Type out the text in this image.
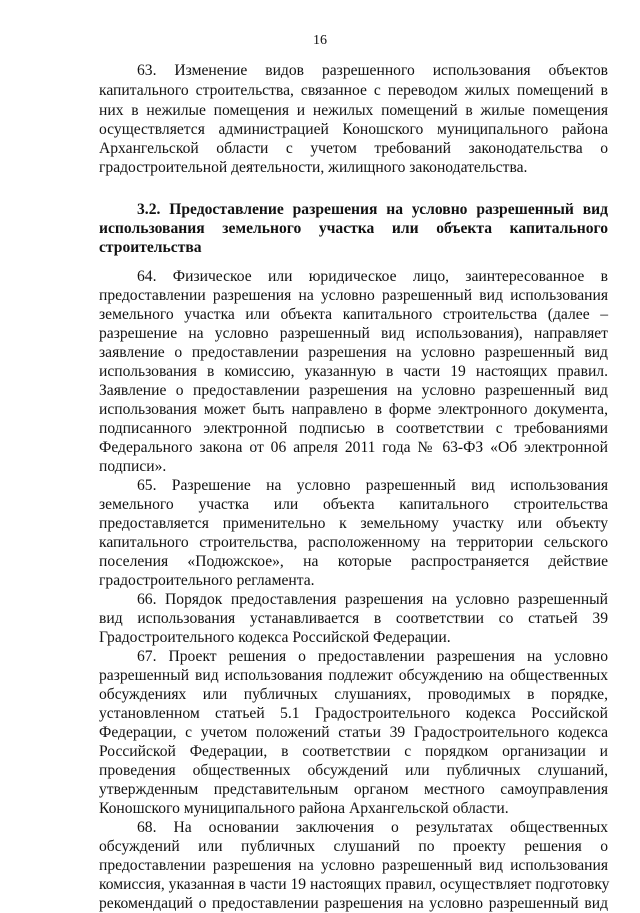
16
63. Изменение видов разрешенного использования объектов
капитального строительства, связанное с переводом жилых помещений в
них в нежилые помещения и нежилых помещений в жилые помещения
осуществляется администрацией Коношского муниципального района
Архангельской области с учетом требований законодательства о
градостроительной деятельности, жилищного законодательства.
3.2. Предоставление разрешения на условно разрешенный вид
использования земельного участка или объекта капитального
строительства
64. Физическое или юридическое лицо, заинтересованное в
предоставлении разрешения на условно разрешенный вид использования
земельного участка или объекта капитального строительства (далее –
разрешение на условно разрешенный вид использования), направляет
заявление о предоставлении разрешения на условно разрешенный вид
использования в комиссию, указанную в части 19 настоящих правил.
Заявление о предоставлении разрешения на условно разрешенный вид
использования может быть направлено в форме электронного документа,
подписанного электронной подписью в соответствии с требованиями
Федерального закона от 06 апреля 2011 года № 63-ФЗ «Об электронной
подписи».
65. Разрешение на условно разрешенный вид использования
земельного участка или объекта капитального строительства
предоставляется применительно к земельному участку или объекту
капитального строительства, расположенному на территории сельского
поселения «Подюжское», на которые распространяется действие
градостроительного регламента.
66. Порядок предоставления разрешения на условно разрешенный
вид использования устанавливается в соответствии со статьей 39
Градостроительного кодекса Российской Федерации.
67. Проект решения о предоставлении разрешения на условно
разрешенный вид использования подлежит обсуждению на общественных
обсуждениях или публичных слушаниях, проводимых в порядке,
установленном статьей 5.1 Градостроительного кодекса Российской
Федерации, с учетом положений статьи 39 Градостроительного кодекса
Российской Федерации, в соответствии с порядком организации и
проведения общественных обсуждений или публичных слушаний,
утвержденным представительным органом местного самоуправления
Коношского муниципального района Архангельской области.
68. На основании заключения о результатах общественных
обсуждений или публичных слушаний по проекту решения о
предоставлении разрешения на условно разрешенный вид использования
комиссия, указанная в части 19 настоящих правил, осуществляет подготовку
рекомендаций о предоставлении разрешения на условно разрешенный вид
